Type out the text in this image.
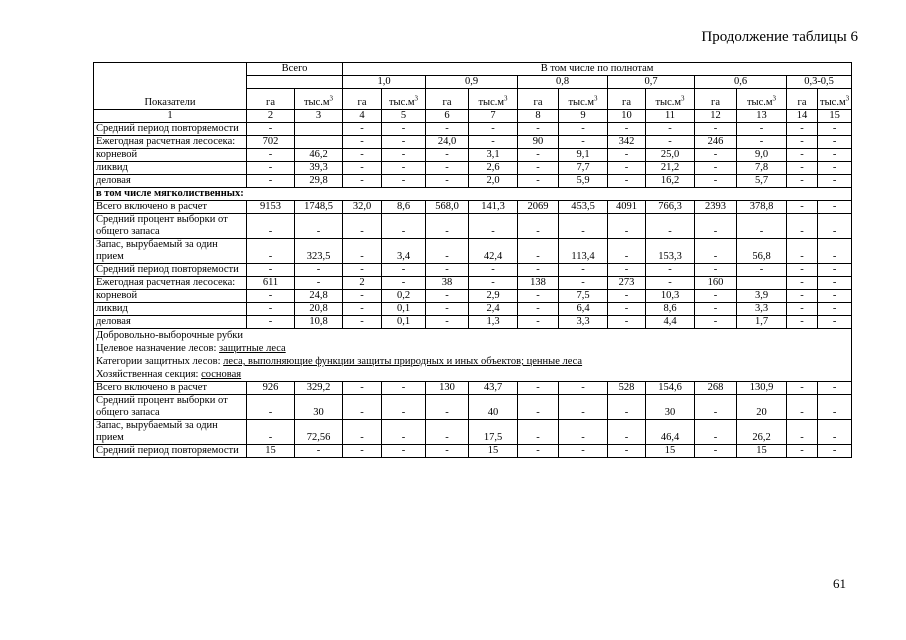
Продолжение таблицы 6
Показатели	Всего		В том числе по полнотам											
			1,0		0,9		0,8		0,7		0,6		0,3-0,5	
	га	$тыс.м^3$	га	$тыс.м^3$	га	$тыс.м^3$	га	$тыс.м^3$	га	$тыс.м^3$	га	$тыс.м^3$	га	$тыс.м^3$
1	2	3	4	5	6	7	8	9	10	11	12	13	14	15
Средний период повторяемости	-		-	-	-	-	-	-	-	-	-	-	-	-
Ежегодная расчетная лесосека:	702		-	-	24,0	-	90	-	342	-	246	-	-	-
корневой	-	46,2	-	-	-	3,1	-	9,1	-	25,0	-	9,0	-	-
ликвид	-	39,3	-	-	-	2,6	-	7,7	-	21,2	-	7,8	-	-
деловая	-	29,8	-	-	-	2,0	-	5,9	-	16,2	-	5,7	-	-
в том числе мягколиственных:														
Всего включено в расчет	9153	1748,5	32,0	8,6	568,0	141,3	2069	453,5	4091	766,3	2393	378,8	-	-
Средний процент выборки от общего запаса	-	-	-	-	-	-	-	-	-	-	-	-	-	-
Запас, вырубаемый за один прием	-	323,5	-	3,4	-	42,4	-	113,4	-	153,3	-	56,8	-	-
Средний период повторяемости	-	-	-	-	-	-	-	-	-	-	-	-	-	-
Ежегодная расчетная лесосека:	611	-	2	-	38	-	138	-	273	-	160		-	-
корневой	-	24,8	-	0,2	-	2,9	-	7,5	-	10,3	-	3,9	-	-
ликвид	-	20,8	-	0,1	-	2,4	-	6,4	-	8,6	-	3,3	-	-
деловая	-	10,8	-	0,1	-	1,3	-	3,3	-	4,4	-	1,7	-	-
Добровольно-выборочные рубки														
Целевое назначение лесов: защитные леса														
Категории защитных лесов: леса, выполняющие функции защиты природных и иных объектов; ценные леса														
Хозяйственная секция: сосновая														
Всего включено в расчет	926	329,2	-	-	130	43,7	-	-	528	154,6	268	130,9	-	-
Средний процент выборки от общего запаса	-	30	-	-	-	40	-	-	-	30	-	20	-	-
Запас, вырубаемый за один прием	-	72,56	-	-	-	17,5	-	-	-	46,4	-	26,2	-	-
Средний период повторяемости	15	-	-	-	-	15	-	-	-	15	-	15	-	-
61
